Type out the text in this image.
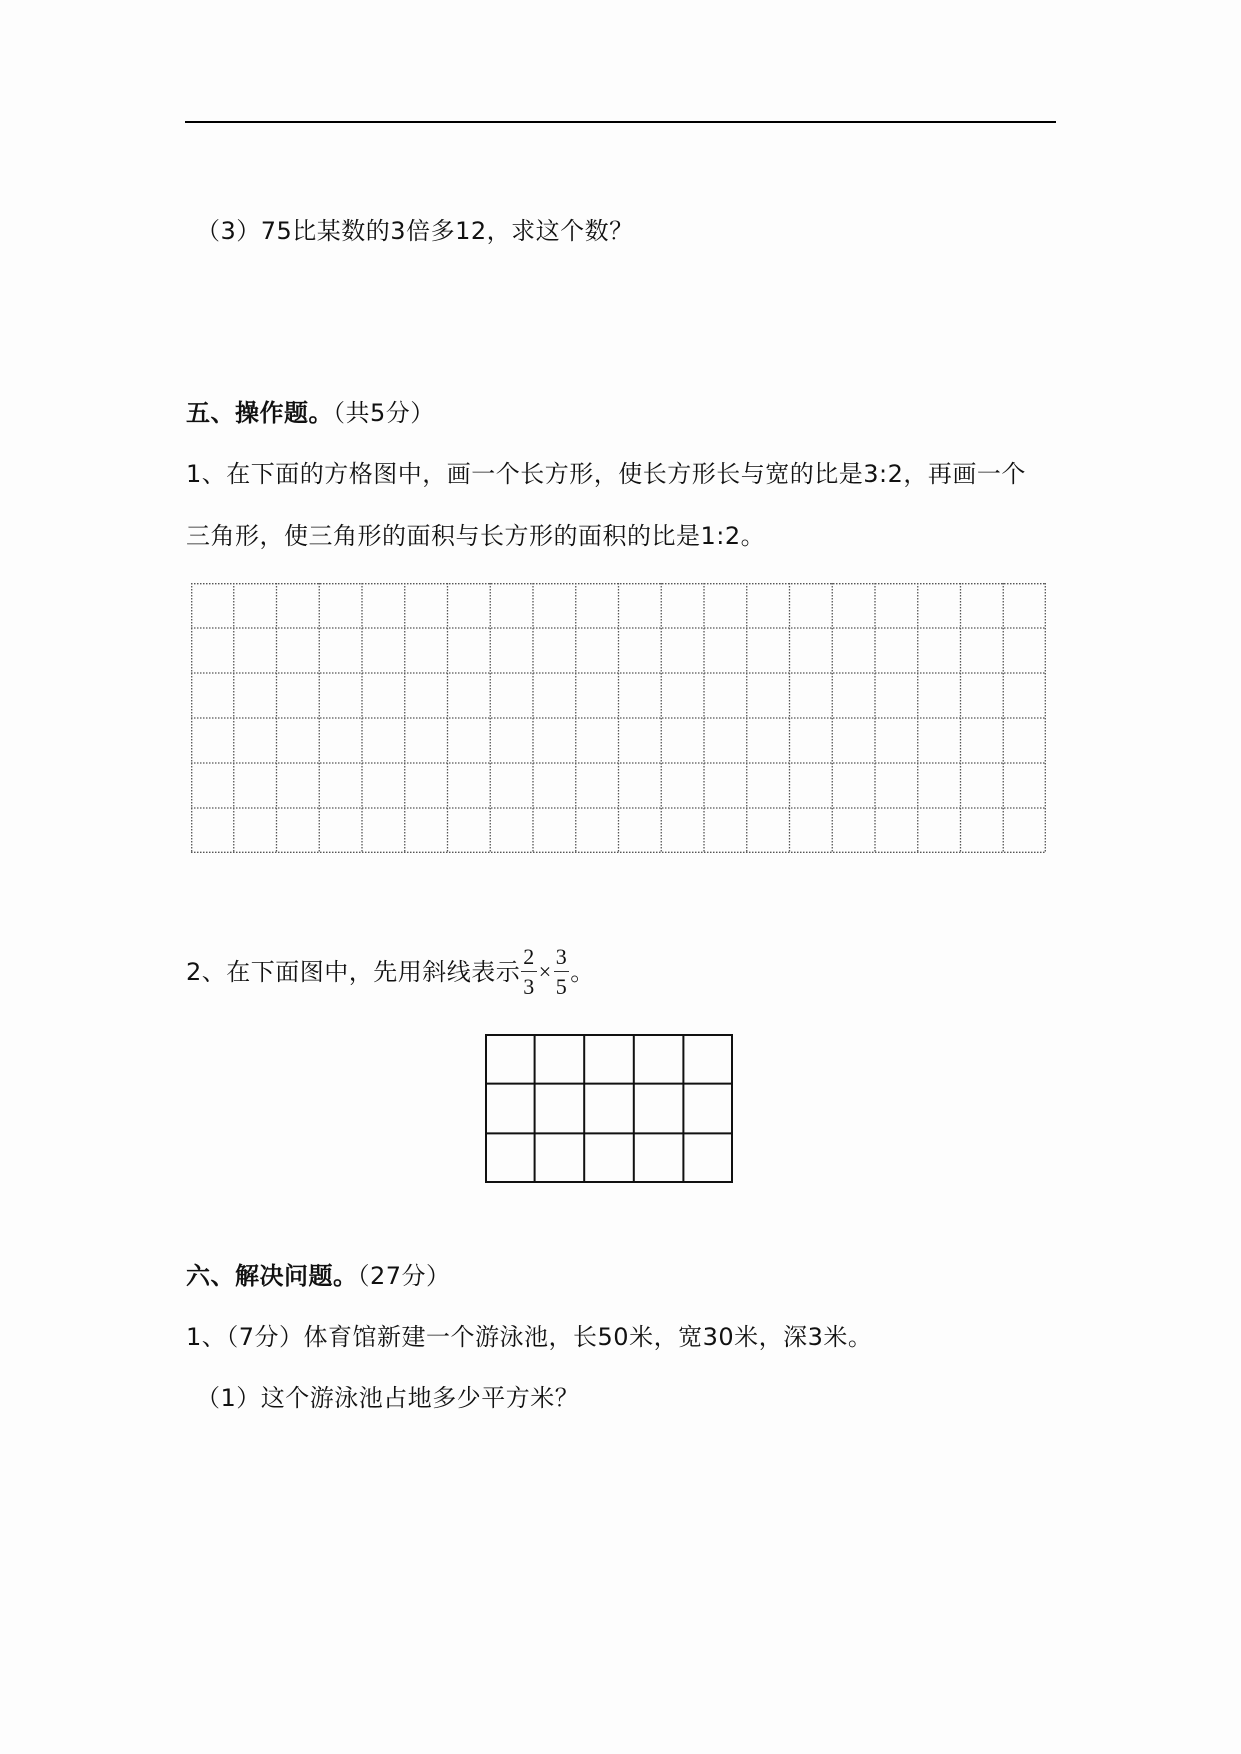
（3）75比某数的3倍多12，求这个数？
五、操作题。（共5分）
1、在下面的方格图中，画一个长方形，使长方形长与宽的比是3:2，再画一个
三角形，使三角形的面积与长方形的面积的比是1:2。
2、在下面图中，先用斜线表示 $\frac{2}{3} \times \frac{3}{5}$ 。
六、解决问题。（27分）
1、（7分）体育馆新建一个游泳池，长50米，宽30米，深3米。
（1）这个游泳池占地多少平方米？
